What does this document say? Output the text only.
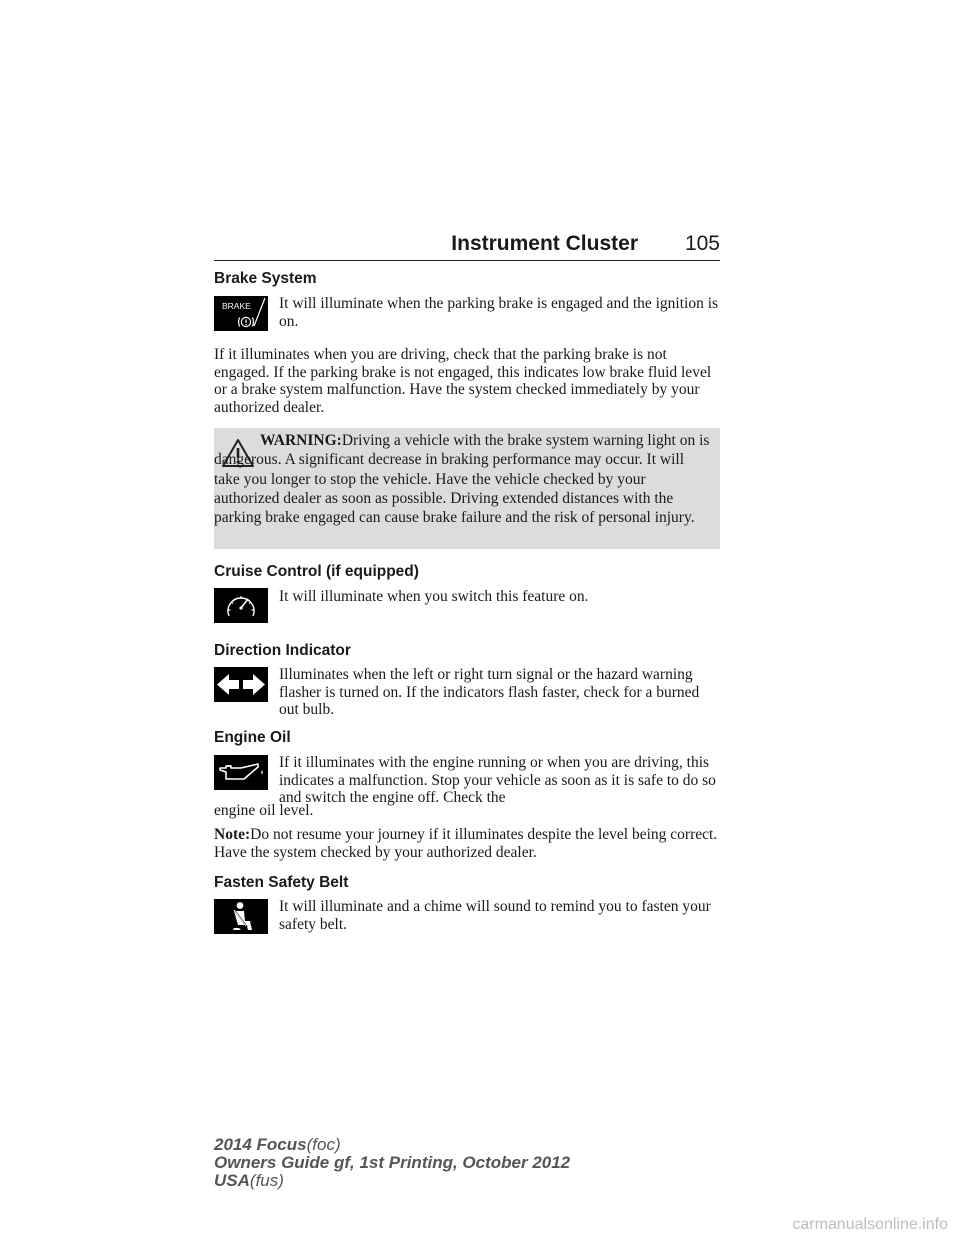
Instrument Cluster 105
Brake System
BRAKE It will illuminate when the parking brake is engaged and the ignition is on.
If it illuminates when you are driving, check that the parking brake is not engaged. If the parking brake is not engaged, this indicates low brake fluid level or a brake system malfunction. Have the system checked immediately by your authorized dealer.
WARNING:Driving a vehicle with the brake system warning light on is dangerous. A significant decrease in braking performance may occur. It will take you longer to stop the vehicle. Have the vehicle checked by your authorized dealer as soon as possible. Driving extended distances with the parking brake engaged can cause brake failure and the risk of personal injury.
Cruise Control (if equipped)
It will illuminate when you switch this feature on.
Direction Indicator
Illuminates when the left or right turn signal or the hazard warning flasher is turned on. If the indicators flash faster, check for a burned out bulb.
Engine Oil
If it illuminates with the engine running or when you are driving, this indicates a malfunction. Stop your vehicle as soon as it is safe to do so and switch the engine off. Check the
engine oil level.
Note:Do not resume your journey if it illuminates despite the level being correct. Have the system checked by your authorized dealer.
Fasten Safety Belt
It will illuminate and a chime will sound to remind you to fasten your safety belt.
2014 Focus(foc)
Owners Guide gf, 1st Printing, October 2012
USA(fus)
carmanualsonline.info
